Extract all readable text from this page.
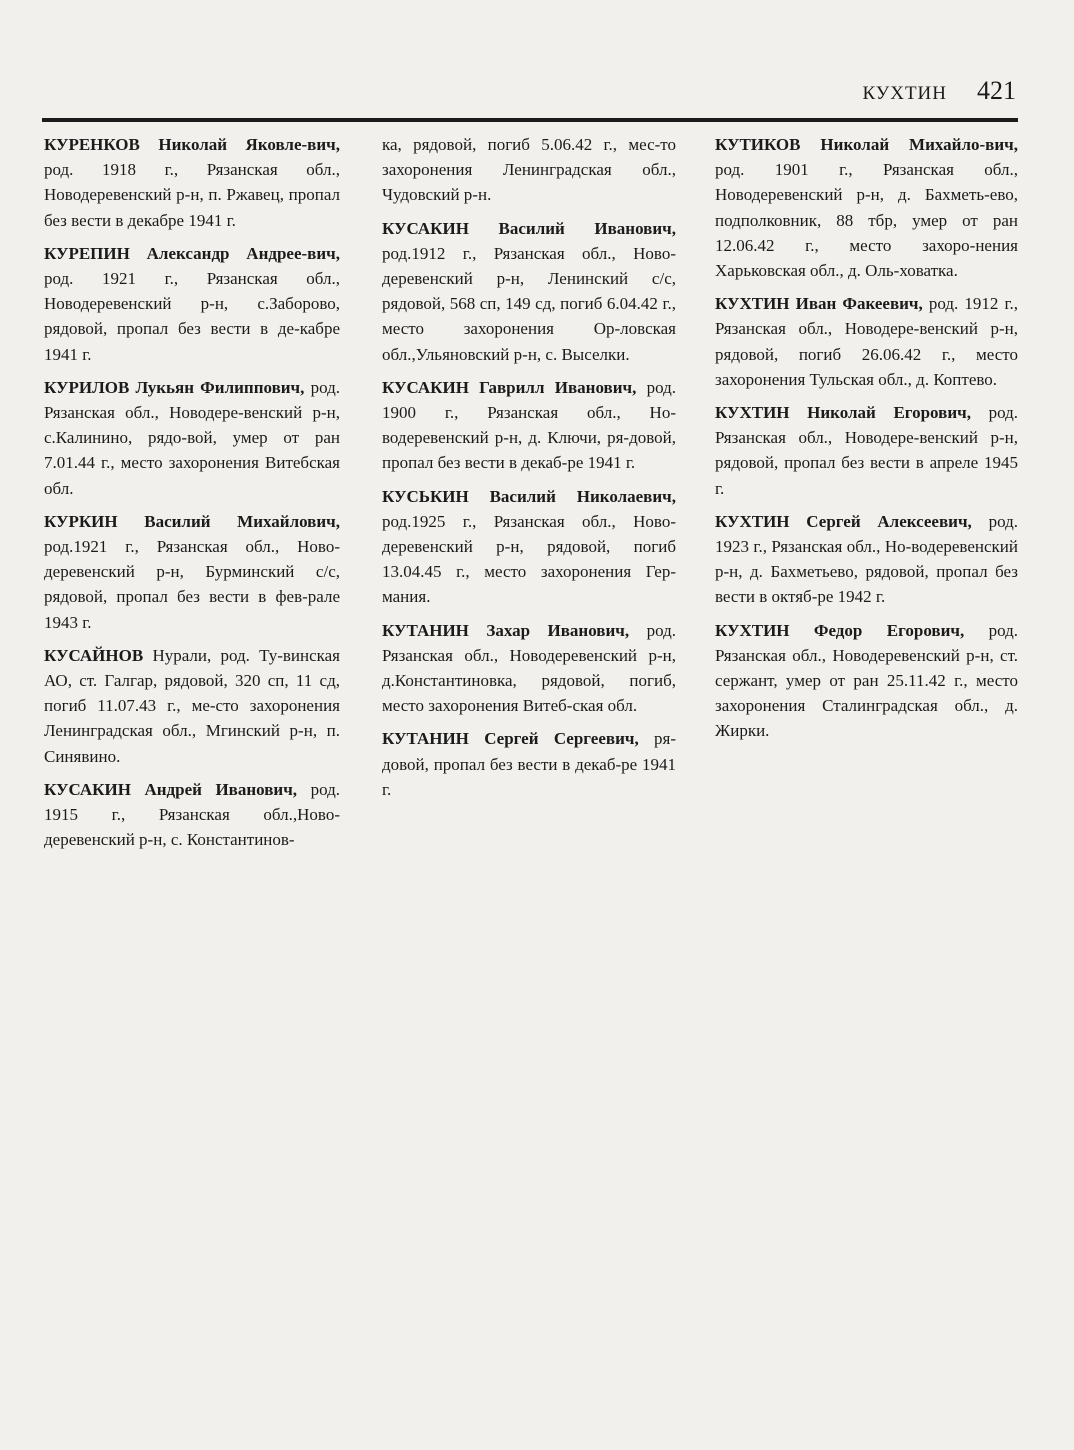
КУХТИН 421

КУРЕНКОВ Николай Яковле-вич, род. 1918 г., Рязанская обл., Новодеревенский р-н, п. Ржавец, пропал без вести в декабре 1941 г.

КУРЕПИН Александр Андрее-вич, род. 1921 г., Рязанская обл., Новодеревенский р-н, с.Заборово, рядовой, пропал без вести в де-кабре 1941 г.

КУРИЛОВ Лукьян Филиппович, род. Рязанская обл., Новодере-венский р-н, с.Калинино, рядо-вой, умер от ран 7.01.44 г., место захоронения Витебская обл.

КУРКИН Василий Михайлович, род.1921 г., Рязанская обл., Ново-деревенский р-н, Бурминский с/с, рядовой, пропал без вести в фев-рале 1943 г.

КУСАЙНОВ Нурали, род. Ту-винская АО, ст. Галгар, рядовой, 320 сп, 11 сд, погиб 11.07.43 г., ме-сто захоронения Ленинградская обл., Мгинский р-н, п. Синявино.

КУСАКИН Андрей Иванович, род. 1915 г., Рязанская обл.,Ново-деревенский р-н, с. Константинов-

ка, рядовой, погиб 5.06.42 г., мес-то захоронения Ленинградская обл., Чудовский р-н.

КУСАКИН Василий Иванович, род.1912 г., Рязанская обл., Ново-деревенский р-н, Ленинский с/с, рядовой, 568 сп, 149 сд, погиб 6.04.42 г., место захоронения Ор-ловская обл.,Ульяновский р-н, с. Выселки.

КУСАКИН Гаврилл Иванович, род. 1900 г., Рязанская обл., Но-водеревенский р-н, д. Ключи, ря-довой, пропал без вести в декаб-ре 1941 г.

КУСЬКИН Василий Николаевич, род.1925 г., Рязанская обл., Ново-деревенский р-н, рядовой, погиб 13.04.45 г., место захоронения Гер-мания.

КУТАНИН Захар Иванович, род. Рязанская обл., Новодеревенский р-н, д.Константиновка, рядовой, погиб, место захоронения Витеб-ская обл.

КУТАНИН Сергей Сергеевич, ря-довой, пропал без вести в декаб-ре 1941 г.

КУТИКОВ Николай Михайло-вич, род. 1901 г., Рязанская обл., Новодеревенский р-н, д. Бахметь-ево, подполковник, 88 тбр, умер от ран 12.06.42 г., место захоро-нения Харьковская обл., д. Оль-ховатка.

КУХТИН Иван Факеевич, род. 1912 г., Рязанская обл., Новодере-венский р-н, рядовой, погиб 26.06.42 г., место захоронения Тульская обл., д. Коптево.

КУХТИН Николай Егорович, род. Рязанская обл., Новодере-венский р-н, рядовой, пропал без вести в апреле 1945 г.

КУХТИН Сергей Алексеевич, род. 1923 г., Рязанская обл., Но-водеревенский р-н, д. Бахметьево, рядовой, пропал без вести в октяб-ре 1942 г.

КУХТИН Федор Егорович, род. Рязанская обл., Новодеревенский р-н, ст. сержант, умер от ран 25.11.42 г., место захоронения Сталинградская обл., д. Жирки.
